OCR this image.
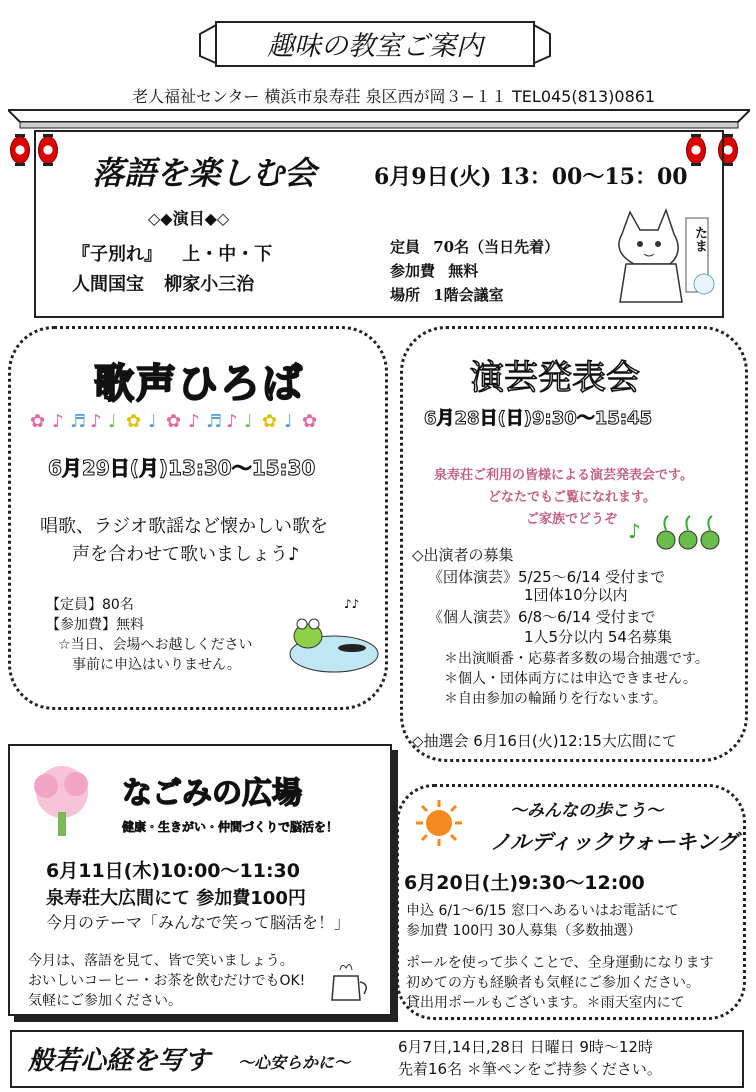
趣味の教室ご案内
老人福祉センター 横浜市泉寿荘 泉区西が岡３−１１ TEL045(813)0861
落語を楽しむ会	6月9日(火) 13：00〜15：00
◇◆演目◆◇
『子別れ』 上・中・下
人間国宝 柳家小三治
定員 70名（当日先着）
参加費 無料
場所 1階会議室
たま
歌声ひろば
✿ ♪ ♬ ♪ ♩ ✿ ♩ ✿ ♪ ♬ ♪ ♩ ✿ ♩ ✿
6月29日(月)13:30〜15:30
唱歌、ラジオ歌謡など懐かしい歌を
声を合わせて歌いましょう♪
【定員】80名
【参加費】無料
☆当日、会場へお越しください
事前に申込はいりません。
♪♪
演芸発表会
6月28日(日)9:30〜15:45
泉寿荘ご利用の皆様による演芸発表会です。
どなたでもご覧になれます。
ご家族でどうぞ ♪
◇出演者の募集
《団体演芸》5/25〜6/14 受付まで
1団体10分以内
《個人演芸》6/8〜6/14 受付まで
1人5分以内 54名募集
＊出演順番・応募者多数の場合抽選です。
＊個人・団体両方には申込できません。
＊自由参加の輪踊りを行ないます。
◇抽選会 6月16日(火)12:15大広間にて
なごみの広場
健康・生きがい・仲間づくりで脳活を！
6月11日(木)10:00〜11:30
泉寿荘大広間にて 参加費100円
今月のテーマ「みんなで笑って脳活を！」
今月は、落語を見て、皆で笑いましょう。
おいしいコーヒー・お茶を飲むだけでもOK!
気軽にご参加ください。
〜みんなの歩こう〜
ノルディックウォーキング
6月20日(土)9:30〜12:00
申込 6/1〜6/15 窓口へあるいはお電話にて
参加費 100円 30人募集（多数抽選）
ポールを使って歩くことで、全身運動になります
初めての方も経験者も気軽にご参加ください。
貸出用ポールもございます。＊雨天室内にて
般若心経を写す 〜心安らかに〜
6月7日,14日,28日 日曜日 9時〜12時
先着16名 ＊筆ペンをご持参ください。
